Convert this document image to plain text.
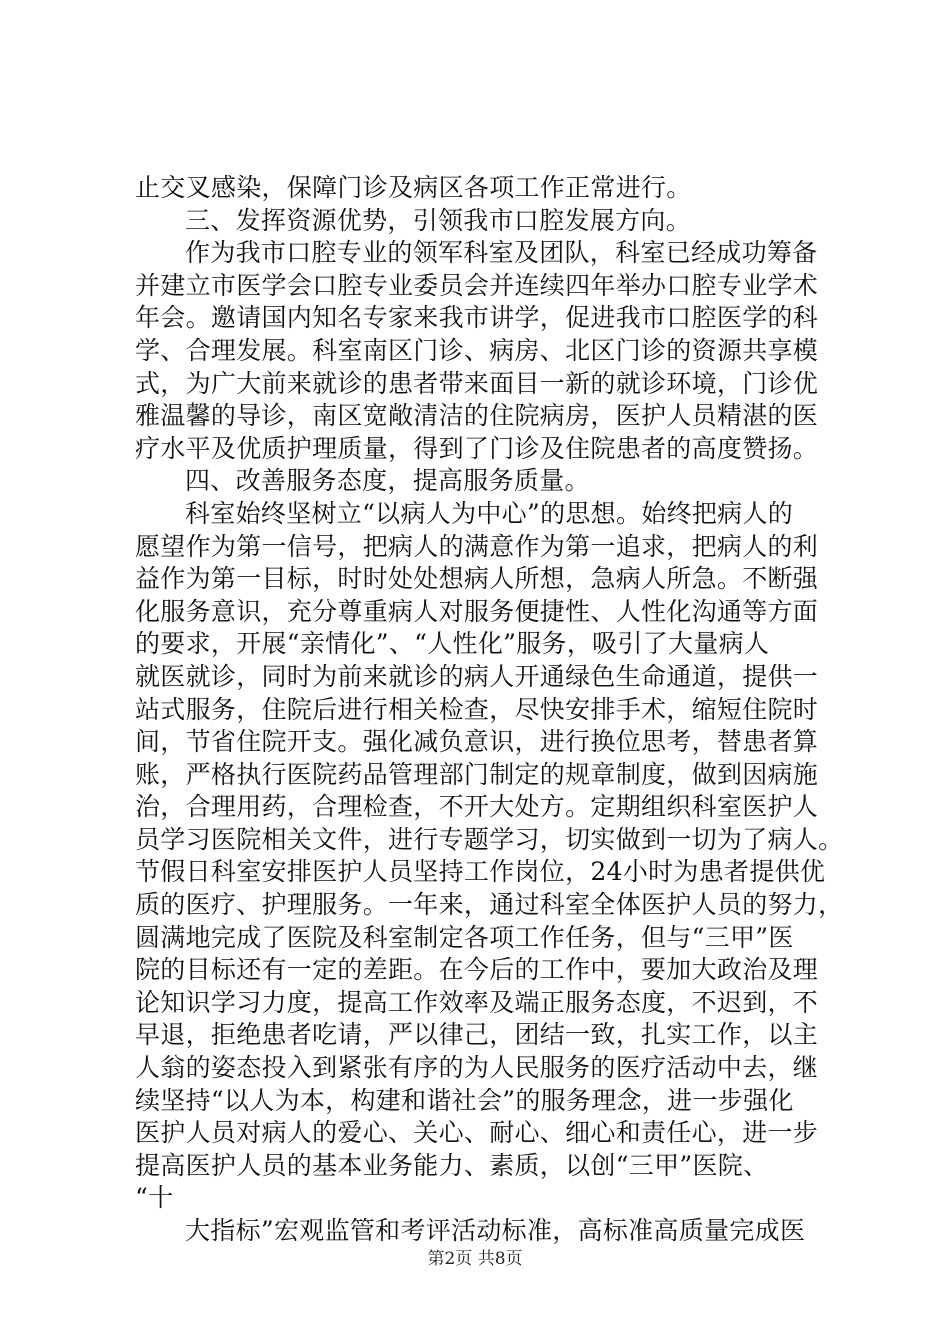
止交叉感染，保障门诊及病区各项工作正常进行。
三、发挥资源优势，引领我市口腔发展方向。
作为我市口腔专业的领军科室及团队，科室已经成功筹备
并建立市医学会口腔专业委员会并连续四年举办口腔专业学术
年会。邀请国内知名专家来我市讲学，促进我市口腔医学的科
学、合理发展。科室南区门诊、病房、北区门诊的资源共享模
式，为广大前来就诊的患者带来面目一新的就诊环境，门诊优
雅温馨的导诊，南区宽敞清洁的住院病房，医护人员精湛的医
疗水平及优质护理质量，得到了门诊及住院患者的高度赞扬。
四、改善服务态度，提高服务质量。
科室始终坚树立“以病人为中心”的思想。始终把病人的
愿望作为第一信号，把病人的满意作为第一追求，把病人的利
益作为第一目标，时时处处想病人所想，急病人所急。不断强
化服务意识，充分尊重病人对服务便捷性、人性化沟通等方面
的要求，开展“亲情化”、“人性化”服务，吸引了大量病人
就医就诊，同时为前来就诊的病人开通绿色生命通道，提供一
站式服务，住院后进行相关检查，尽快安排手术，缩短住院时
间，节省住院开支。强化减负意识，进行换位思考，替患者算
账，严格执行医院药品管理部门制定的规章制度，做到因病施
治，合理用药，合理检查，不开大处方。定期组织科室医护人
员学习医院相关文件，进行专题学习，切实做到一切为了病人。
节假日科室安排医护人员坚持工作岗位，24小时为患者提供优
质的医疗、护理服务。一年来，通过科室全体医护人员的努力，
圆满地完成了医院及科室制定各项工作任务，但与“三甲”医
院的目标还有一定的差距。在今后的工作中，要加大政治及理
论知识学习力度，提高工作效率及端正服务态度，不迟到，不
早退，拒绝患者吃请，严以律己，团结一致，扎实工作，以主
人翁的姿态投入到紧张有序的为人民服务的医疗活动中去，继
续坚持“以人为本，构建和谐社会”的服务理念，进一步强化
医护人员对病人的爱心、关心、耐心、细心和责任心，进一步
提高医护人员的基本业务能力、素质，以创“三甲”医院、
“十
大指标”宏观监管和考评活动标准，高标准高质量完成医
第2页 共8页
